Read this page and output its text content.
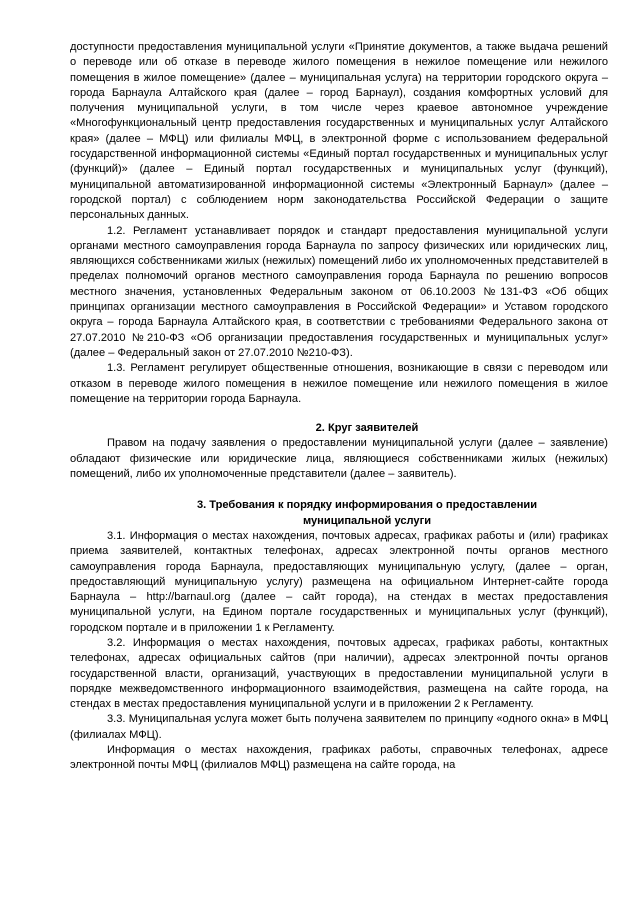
доступности предоставления муниципальной услуги «Принятие документов, а также выдача решений о переводе или об отказе в переводе жилого помещения в нежилое помещение или нежилого помещения в жилое помещение» (далее – муниципальная услуга) на территории городского округа – города Барнаула Алтайского края (далее – город Барнаул), создания комфортных условий для получения муниципальной услуги, в том числе через краевое автономное учреждение «Многофункциональный центр предоставления государственных и муниципальных услуг Алтайского края» (далее – МФЦ) или филиалы МФЦ, в электронной форме с использованием федеральной государственной информационной системы «Единый портал государственных и муниципальных услуг (функций)» (далее – Единый портал государственных и муниципальных услуг (функций), муниципальной автоматизированной информационной системы «Электронный Барнаул» (далее – городской портал) с соблюдением норм законодательства Российской Федерации о защите персональных данных.

1.2. Регламент устанавливает порядок и стандарт предоставления муниципальной услуги органами местного самоуправления города Барнаула по запросу физических или юридических лиц, являющихся собственниками жилых (нежилых) помещений либо их уполномоченных представителей в пределах полномочий органов местного самоуправления города Барнаула по решению вопросов местного значения, установленных Федеральным законом от 06.10.2003 №131-ФЗ «Об общих принципах организации местного самоуправления в Российской Федерации» и Уставом городского округа – города Барнаула Алтайского края, в соответствии с требованиями Федерального закона от 27.07.2010 №210-ФЗ «Об организации предоставления государственных и муниципальных услуг» (далее – Федеральный закон от 27.07.2010 №210-ФЗ).

1.3. Регламент регулирует общественные отношения, возникающие в связи с переводом или отказом в переводе жилого помещения в нежилое помещение или нежилого помещения в жилое помещение на территории города Барнаула.

2. Круг заявителей

Правом на подачу заявления о предоставлении муниципальной услуги (далее – заявление) обладают физические или юридические лица, являющиеся собственниками жилых (нежилых) помещений, либо их уполномоченные представители (далее – заявитель).

3. Требования к порядку информирования о предоставлении

муниципальной услуги

3.1. Информация о местах нахождения, почтовых адресах, графиках работы и (или) графиках приема заявителей, контактных телефонах, адресах электронной почты органов местного самоуправления города Барнаула, предоставляющих муниципальную услугу, (далее – орган, предоставляющий муниципальную услугу) размещена на официальном Интернет-сайте города Барнаула – http://barnaul.org (далее – сайт города), на стендах в местах предоставления муниципальной услуги, на Едином портале государственных и муниципальных услуг (функций), городском портале и в приложении 1 к Регламенту.

3.2. Информация о местах нахождения, почтовых адресах, графиках работы, контактных телефонах, адресах официальных сайтов (при наличии), адресах электронной почты органов государственной власти, организаций, участвующих в предоставлении муниципальной услуги в порядке межведомственного информационного взаимодействия, размещена на сайте города, на стендах в местах предоставления муниципальной услуги и в приложении 2 к Регламенту.

3.3. Муниципальная услуга может быть получена заявителем по принципу «одного окна» в МФЦ (филиалах МФЦ).

Информация о местах нахождения, графиках работы, справочных телефонах, адресе электронной почты МФЦ (филиалов МФЦ) размещена на сайте города, на
